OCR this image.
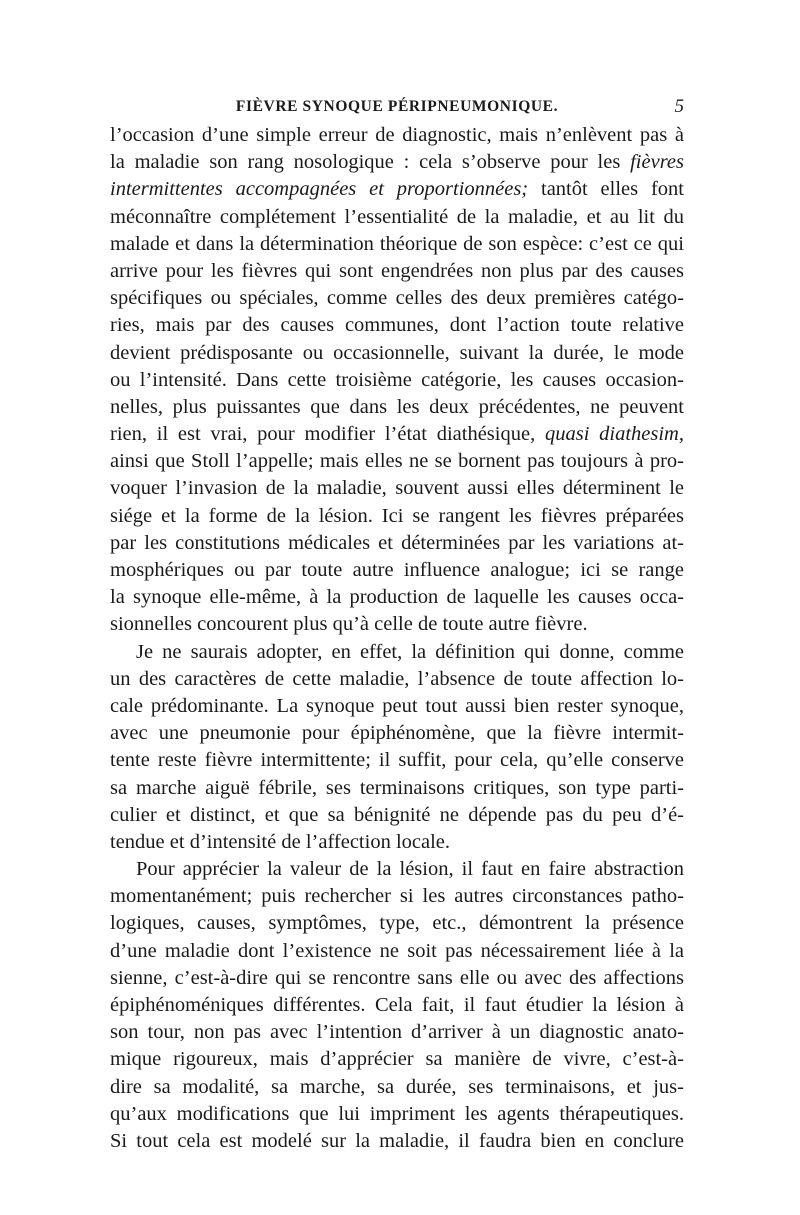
FIÈVRE SYNOQUE PÉRIPNEUMONIQUE.	5
l’occasion d’une simple erreur de diagnostic, mais n’enlèvent pas à
la maladie son rang nosologique : cela s’observe pour les fièvres
intermittentes accompagnées et proportionnées; tantôt elles font
méconnaître complétement l’essentialité de la maladie, et au lit du
malade et dans la détermination théorique de son espèce: c’est ce qui
arrive pour les fièvres qui sont engendrées non plus par des causes
spécifiques ou spéciales, comme celles des deux premières catégo-
ries, mais par des causes communes, dont l’action toute relative
devient prédisposante ou occasionnelle, suivant la durée, le mode
ou l’intensité. Dans cette troisième catégorie, les causes occasion-
nelles, plus puissantes que dans les deux précédentes, ne peuvent
rien, il est vrai, pour modifier l’état diathésique, quasi diathesim,
ainsi que Stoll l’appelle; mais elles ne se bornent pas toujours à pro-
voquer l’invasion de la maladie, souvent aussi elles déterminent le
siége et la forme de la lésion. Ici se rangent les fièvres préparées
par les constitutions médicales et déterminées par les variations at-
mosphériques ou par toute autre influence analogue; ici se range
la synoque elle-même, à la production de laquelle les causes occa-
sionnelles concourent plus qu’à celle de toute autre fièvre.
Je ne saurais adopter, en effet, la définition qui donne, comme
un des caractères de cette maladie, l’absence de toute affection lo-
cale prédominante. La synoque peut tout aussi bien rester synoque,
avec une pneumonie pour épiphénomène, que la fièvre intermit-
tente reste fièvre intermittente; il suffit, pour cela, qu’elle conserve
sa marche aiguë fébrile, ses terminaisons critiques, son type parti-
culier et distinct, et que sa bénignité ne dépende pas du peu d’é-
tendue et d’intensité de l’affection locale.
Pour apprécier la valeur de la lésion, il faut en faire abstraction
momentanément; puis rechercher si les autres circonstances patho-
logiques, causes, symptômes, type, etc., démontrent la présence
d’une maladie dont l’existence ne soit pas nécessairement liée à la
sienne, c’est-à-dire qui se rencontre sans elle ou avec des affections
épiphénoméniques différentes. Cela fait, il faut étudier la lésion à
son tour, non pas avec l’intention d’arriver à un diagnostic anato-
mique rigoureux, mais d’apprécier sa manière de vivre, c’est-à-
dire sa modalité, sa marche, sa durée, ses terminaisons, et jus-
qu’aux modifications que lui impriment les agents thérapeutiques.
Si tout cela est modelé sur la maladie, il faudra bien en conclure
